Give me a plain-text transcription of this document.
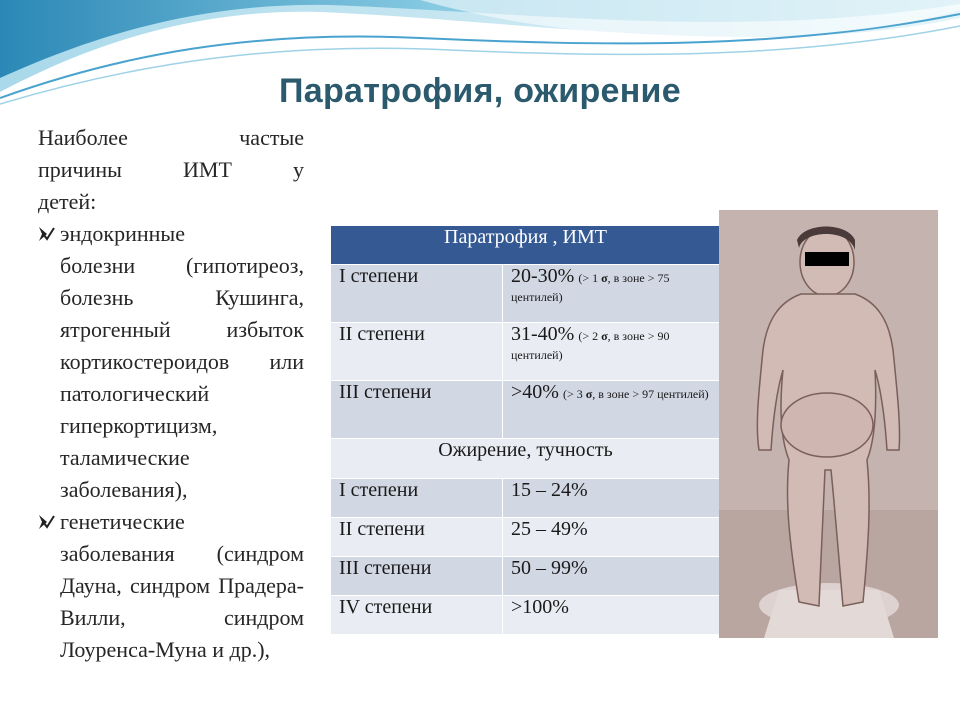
Паратрофия, ожирение
Наиболее частые
причины ИМТ у
детей:
эндокринные
болезни (гипотиреоз, болезнь Кушинга, ятрогенный избыток кортикостероидов или патологический гиперкортицизм, таламические заболевания),
генетические
заболевания (синдром Дауна, синдром Прадера-Вилли, синдром Лоуренса-Муна и др.),
Паратрофия , ИМТ	
I степени	20-30% (> 1 σ, в зоне > 75 центилей)
II степени	31-40% (> 2 σ, в зоне > 90 центилей)
III степени	>40% (> 3 σ, в зоне > 97 центилей)
Ожирение, тучность	
I степени	15 – 24%
II степени	25 – 49%
III степени	50 – 99%
IV степени	>100%
